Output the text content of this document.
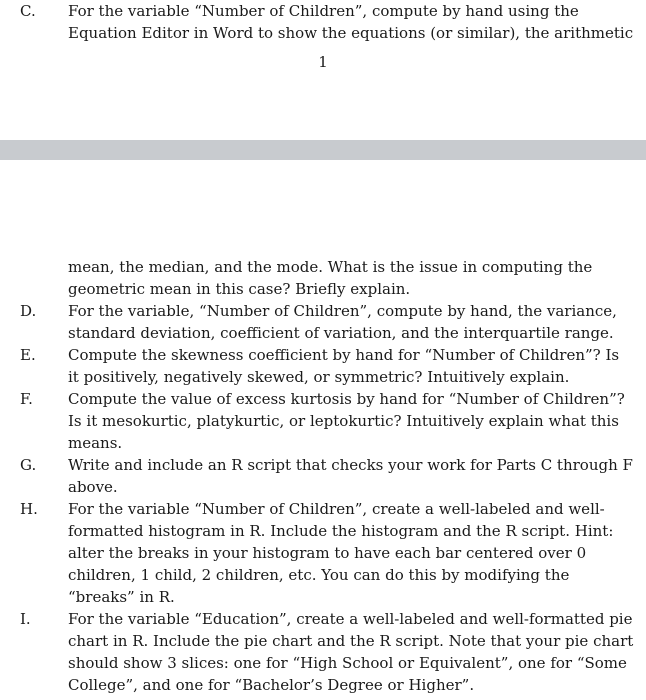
C. For the variable “Number of Children”, compute by hand using the
Equation Editor in Word to show the equations (or similar), the arithmetic
1
mean, the median, and the mode. What is the issue in computing the
geometric mean in this case? Briefly explain.
D. For the variable, “Number of Children”, compute by hand, the variance,
standard deviation, coefficient of variation, and the interquartile range.
E. Compute the skewness coefficient by hand for “Number of Children”? Is
it positively, negatively skewed, or symmetric? Intuitively explain.
F. Compute the value of excess kurtosis by hand for “Number of Children”?
Is it mesokurtic, platykurtic, or leptokurtic? Intuitively explain what this
means.
G. Write and include an R script that checks your work for Parts C through F
above.
H. For the variable “Number of Children”, create a well-labeled and well-
formatted histogram in R. Include the histogram and the R script. Hint:
alter the breaks in your histogram to have each bar centered over 0
children, 1 child, 2 children, etc. You can do this by modifying the
“breaks” in R.
I. For the variable “Education”, create a well-labeled and well-formatted pie
chart in R. Include the pie chart and the R script. Note that your pie chart
should show 3 slices: one for “High School or Equivalent”, one for “Some
College”, and one for “Bachelor’s Degree or Higher”.
